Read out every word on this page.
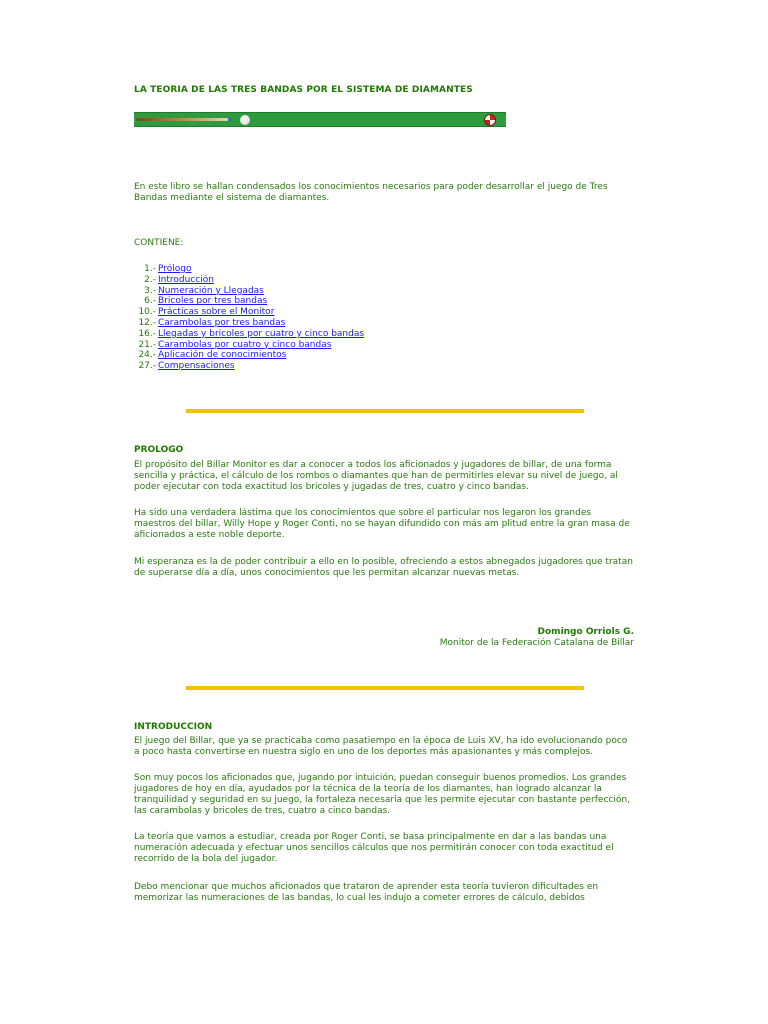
LA TEORIA DE LAS TRES BANDAS POR EL SISTEMA DE DIAMANTES
En este libro se hallan condensados los conocimientos necesarios para poder desarrollar el juego de Tres Bandas mediante el sistema de diamantes.
CONTIENE:
1.- Prólogo
2.- Introducción
3.- Numeración y Llegadas
6.- Bricoles por tres bandas
10.- Prácticas sobre el Monitor
12.- Carambolas por tres bandas
16.- Llegadas y bricoles por cuatro y cinco bandas
21.- Carambolas por cuatro y cinco bandas
24.- Aplicación de conocimientos
27.- Compensaciones
PROLOGO
El propósito del Billar Monitor es dar a conocer a todos los aficionados y jugadores de billar, de una forma sencilla y práctica, el cálculo de los rombos o diamantes que han de permitirles elevar su nivel de juego, al poder ejecutar con toda exactitud los bricoles y jugadas de tres, cuatro y cinco bandas.
Ha sido una verdadera lástima que los conocimientos que sobre el particular nos legaron los grandes maestros del billar, Willy Hope y Roger Conti, no se hayan difundido con más am plitud entre la gran masa de aficionados a este noble deporte.
Mi esperanza es la de poder contribuir a ello en lo posible, ofreciendo a estos abnegados jugadores que tratan de superarse día a día, unos conocimientos que les permitan alcanzar nuevas metas.
Domingo Orriols G.
Monitor de la Federación Catalana de Billar
INTRODUCCION
El juego del Billar, que ya se practicaba como pasatiempo en la época de Luis XV, ha ido evolucionando poco a poco hasta convertirse en nuestra siglo en uno de los deportes más apasionantes y más complejos.
Son muy pocos los aficionados que, jugando por intuición, puedan conseguir buenos promedios. Los grandes jugadores de hoy en día, ayudados por la técnica de la teoría de los diamantes, han logrado alcanzar la tranquilidad y seguridad en su juego, la fortaleza necesaria que les permite ejecutar con bastante perfección, las carambolas y bricoles de tres, cuatro a cinco bandas.
La teoría que vamos a estudiar, creada por Roger Conti, se basa principalmente en dar a las bandas una numeración adecuada y efectuar unos sencillos cálculos que nos permitirán conocer con toda exactitud el recorrido de la bola del jugador.
Debo mencionar que muchos aficionados que trataron de aprender esta teoría tuvieron dificultades en memorizar las numeraciones de las bandas, lo cual les indujo a cometer errores de cálculo, debidos
